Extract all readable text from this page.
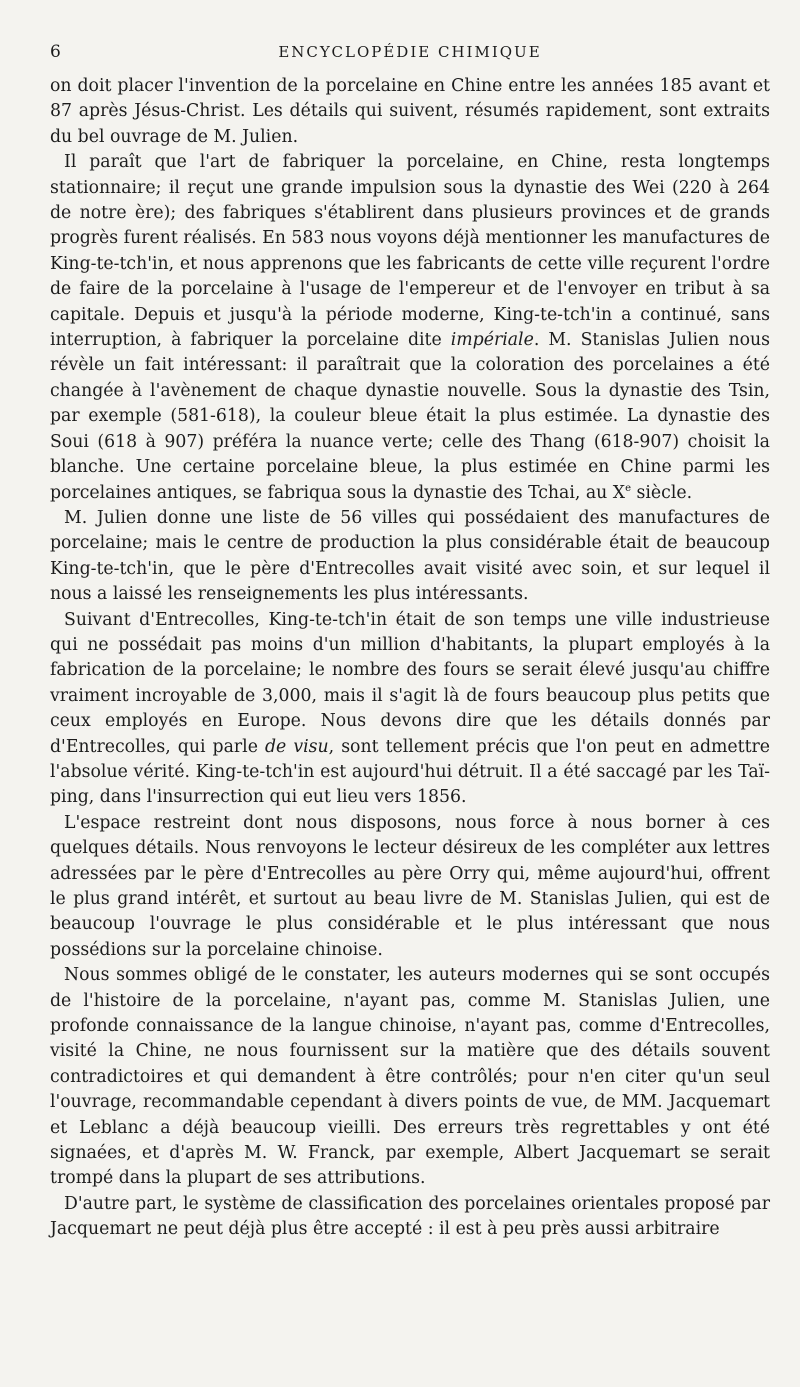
6	ENCYCLOPÉDIE CHIMIQUE

on doit placer l'invention de la porcelaine en Chine entre les années 185 avant et 87 après Jésus-Christ. Les détails qui suivent, résumés rapidement, sont extraits du bel ouvrage de M. Julien.

Il paraît que l'art de fabriquer la porcelaine, en Chine, resta longtemps stationnaire; il reçut une grande impulsion sous la dynastie des Wei (220 à 264 de notre ère); des fabriques s'établirent dans plusieurs provinces et de grands progrès furent réalisés. En 583 nous voyons déjà mentionner les manufactures de King-te-tch'in, et nous apprenons que les fabricants de cette ville reçurent l'ordre de faire de la porcelaine à l'usage de l'empereur et de l'envoyer en tribut à sa capitale. Depuis et jusqu'à la période moderne, King-te-tch'in a continué, sans interruption, à fabriquer la porcelaine dite impériale. M. Stanislas Julien nous révèle un fait intéressant: il paraîtrait que la coloration des porcelaines a été changée à l'avènement de chaque dynastie nouvelle. Sous la dynastie des Tsin, par exemple (581-618), la couleur bleue était la plus estimée. La dynastie des Soui (618 à 907) préféra la nuance verte; celle des Thang (618-907) choisit la blanche. Une certaine porcelaine bleue, la plus estimée en Chine parmi les porcelaines antiques, se fabriqua sous la dynastie des Tchai, au Xe siècle.

M. Julien donne une liste de 56 villes qui possédaient des manufactures de porcelaine; mais le centre de production la plus considérable était de beaucoup King-te-tch'in, que le père d'Entrecolles avait visité avec soin, et sur lequel il nous a laissé les renseignements les plus intéressants.

Suivant d'Entrecolles, King-te-tch'in était de son temps une ville industrieuse qui ne possédait pas moins d'un million d'habitants, la plupart employés à la fabrication de la porcelaine; le nombre des fours se serait élevé jusqu'au chiffre vraiment incroyable de 3,000, mais il s'agit là de fours beaucoup plus petits que ceux employés en Europe. Nous devons dire que les détails donnés par d'Entrecolles, qui parle de visu, sont tellement précis que l'on peut en admettre l'absolue vérité. King-te-tch'in est aujourd'hui détruit. Il a été saccagé par les Taï-ping, dans l'insurrection qui eut lieu vers 1856.

L'espace restreint dont nous disposons, nous force à nous borner à ces quelques détails. Nous renvoyons le lecteur désireux de les compléter aux lettres adressées par le père d'Entrecolles au père Orry qui, même aujourd'hui, offrent le plus grand intérêt, et surtout au beau livre de M. Stanislas Julien, qui est de beaucoup l'ouvrage le plus considérable et le plus intéressant que nous possédions sur la porcelaine chinoise.

Nous sommes obligé de le constater, les auteurs modernes qui se sont occupés de l'histoire de la porcelaine, n'ayant pas, comme M. Stanislas Julien, une profonde connaissance de la langue chinoise, n'ayant pas, comme d'Entrecolles, visité la Chine, ne nous fournissent sur la matière que des détails souvent contradictoires et qui demandent à être contrôlés; pour n'en citer qu'un seul l'ouvrage, recommandable cependant à divers points de vue, de MM. Jacquemart et Leblanc a déjà beaucoup vieilli. Des erreurs très regrettables y ont été signaées, et d'après M. W. Franck, par exemple, Albert Jacquemart se serait trompé dans la plupart de ses attributions.

D'autre part, le système de classification des porcelaines orientales proposé par Jacquemart ne peut déjà plus être accepté : il est à peu près aussi arbitraire
